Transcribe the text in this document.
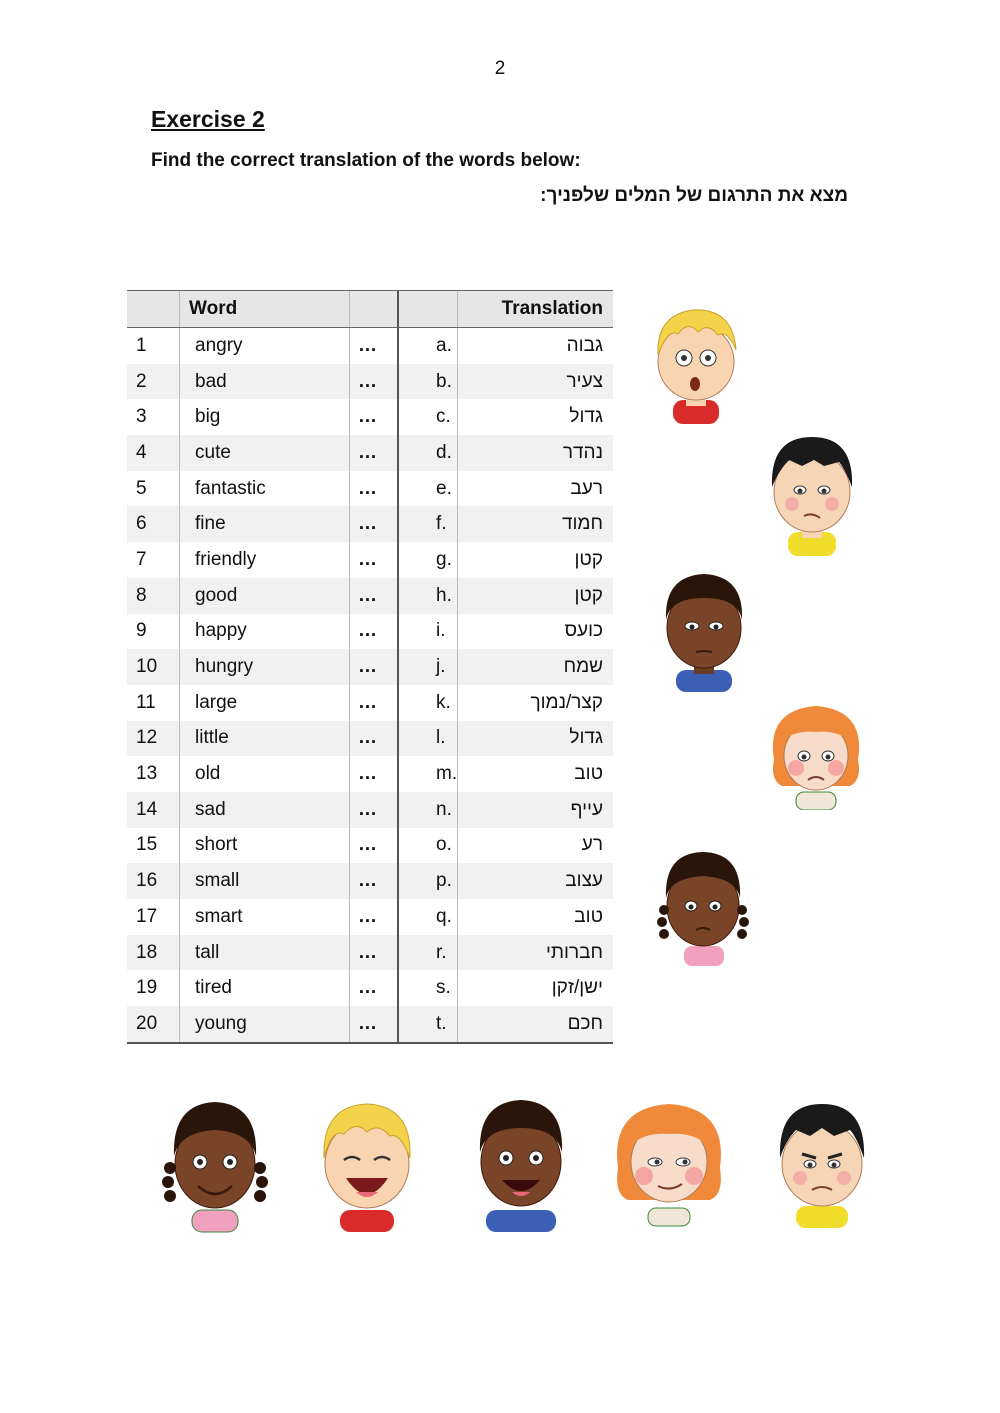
2
Exercise 2
Find the correct translation of the words below:
מצא את התרגום של המלים שלפניך:
Word	Translation
1	angry	…	a.	גבוה
2	bad	…	b.	צעיר
3	big	…	c.	גדול
4	cute	…	d.	נהדר
5	fantastic	…	e.	רעב
6	fine	…	f.	חמוד
7	friendly	…	g.	קטן
8	good	…	h.	קטן
9	happy	…	i.	כועס
10 hungry	…	j.	שמח
11 large	…	k.	קצר/נמוך
12 little	…	l.	גדול
13 old	…	m.	טוב
14 sad	…	n.	עייף
15 short	…	o.	רע
16 small	…	p.	עצוב
17 smart	…	q.	טוב
18 tall	…	r.	חברותי
19 tired	…	s.	ישן/זקן
20 young	…	t.	חכם
